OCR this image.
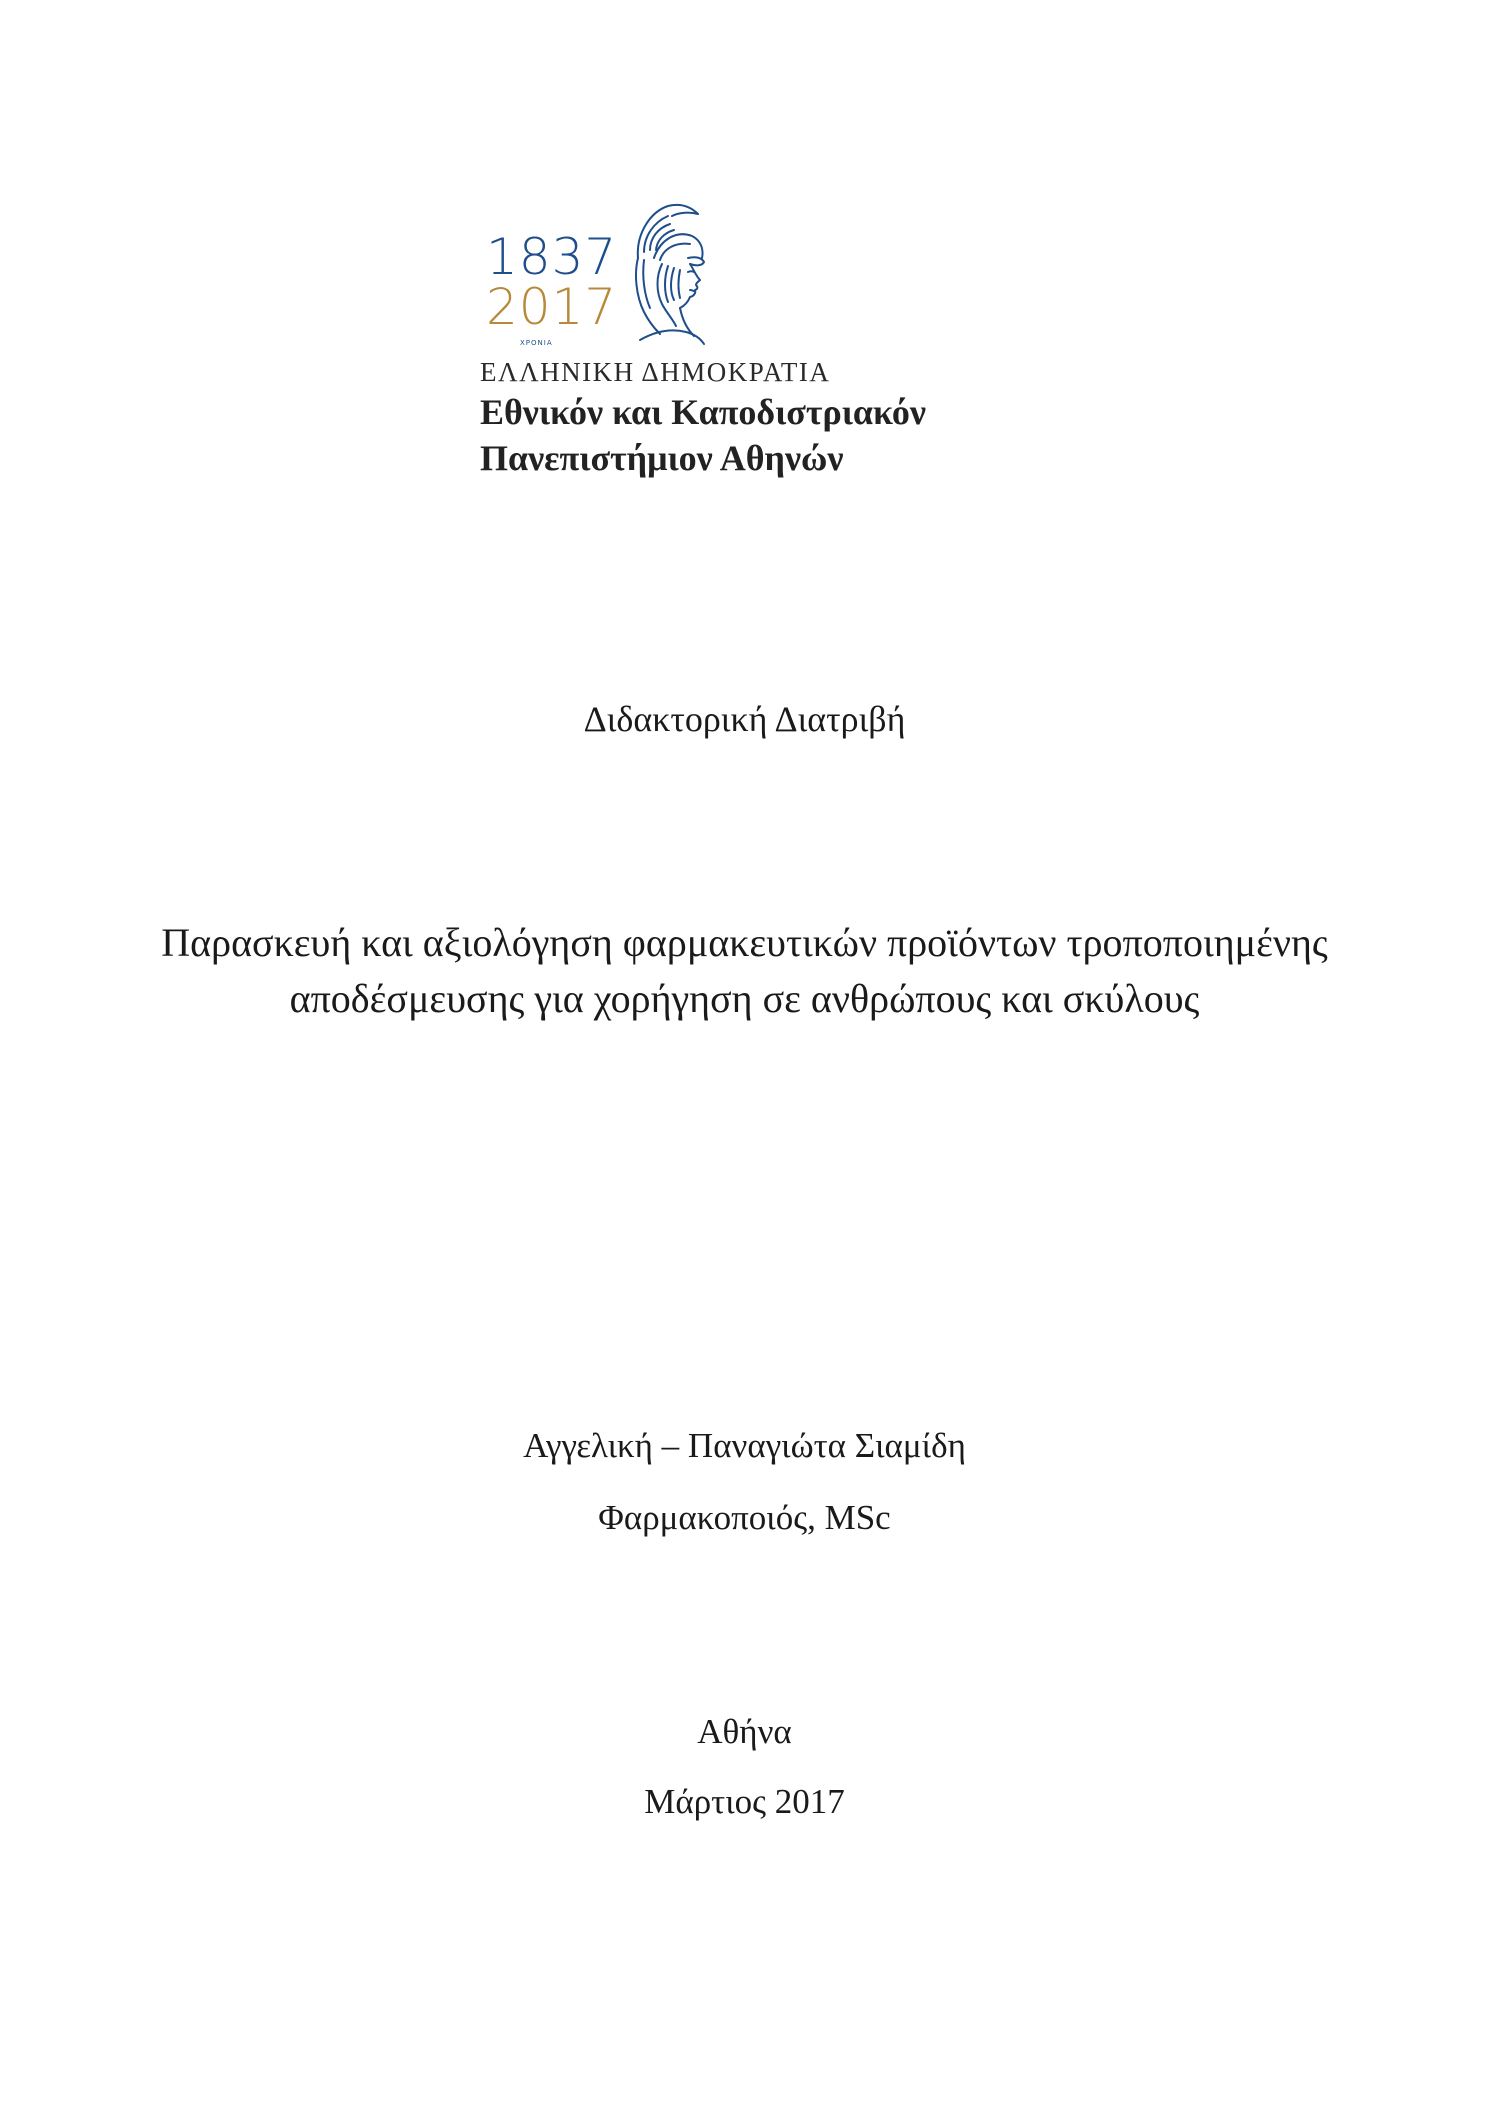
1837
2017
ΧΡΟΝΙΑ
ΕΛΛΗΝΙΚΗ ΔΗΜΟΚΡΑΤΙΑ
Εθνικόν και Καποδιστριακόν
Πανεπιστήμιον Αθηνών
Διδακτορική Διατριβή
Παρασκευή και αξιολόγηση φαρμακευτικών προϊόντων τροποποιημένης
αποδέσμευσης για χορήγηση σε ανθρώπους και σκύλους
Αγγελική – Παναγιώτα Σιαμίδη
Φαρμακοποιός, MSc
Αθήνα
Μάρτιος 2017
